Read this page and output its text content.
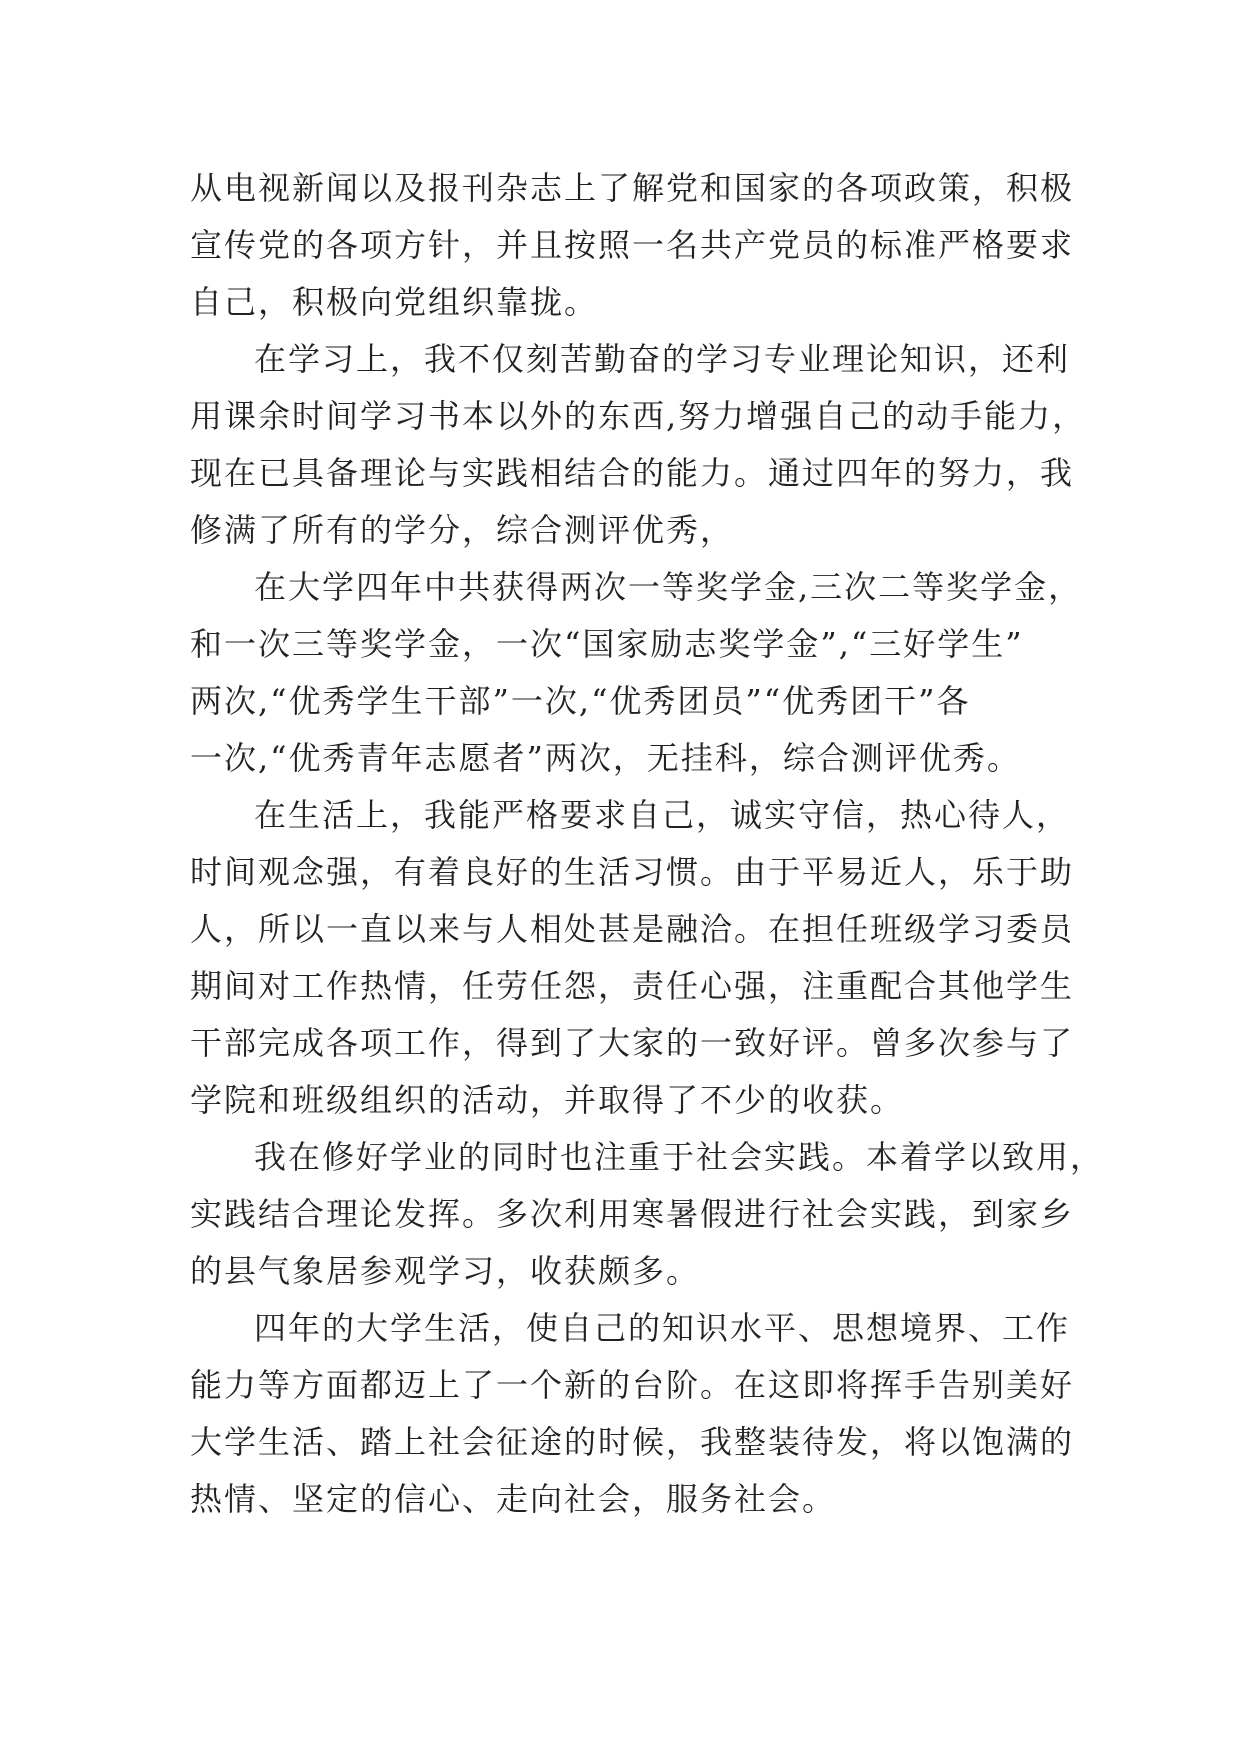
从电视新闻以及报刊杂志上了解党和国家的各项政策，积极
宣传党的各项方针，并且按照一名共产党员的标准严格要求
自己，积极向党组织靠拢。

在学习上，我不仅刻苦勤奋的学习专业理论知识，还利
用课余时间学习书本以外的东西,努力增强自己的动手能力，
现在已具备理论与实践相结合的能力。通过四年的努力，我
修满了所有的学分，综合测评优秀，

在大学四年中共获得两次一等奖学金,三次二等奖学金，
和一次三等奖学金，一次“国家励志奖学金”,“三好学生”
两次,“优秀学生干部”一次,“优秀团员”“优秀团干”各
一次,“优秀青年志愿者”两次，无挂科，综合测评优秀。

在生活上，我能严格要求自己，诚实守信，热心待人，
时间观念强，有着良好的生活习惯。由于平易近人，乐于助
人，所以一直以来与人相处甚是融洽。在担任班级学习委员
期间对工作热情，任劳任怨，责任心强，注重配合其他学生
干部完成各项工作，得到了大家的一致好评。曾多次参与了
学院和班级组织的活动，并取得了不少的收获。

我在修好学业的同时也注重于社会实践。本着学以致用，
实践结合理论发挥。多次利用寒暑假进行社会实践，到家乡
的县气象居参观学习，收获颇多。

四年的大学生活，使自己的知识水平、思想境界、工作
能力等方面都迈上了一个新的台阶。在这即将挥手告别美好
大学生活、踏上社会征途的时候，我整装待发，将以饱满的
热情、坚定的信心、走向社会，服务社会。
